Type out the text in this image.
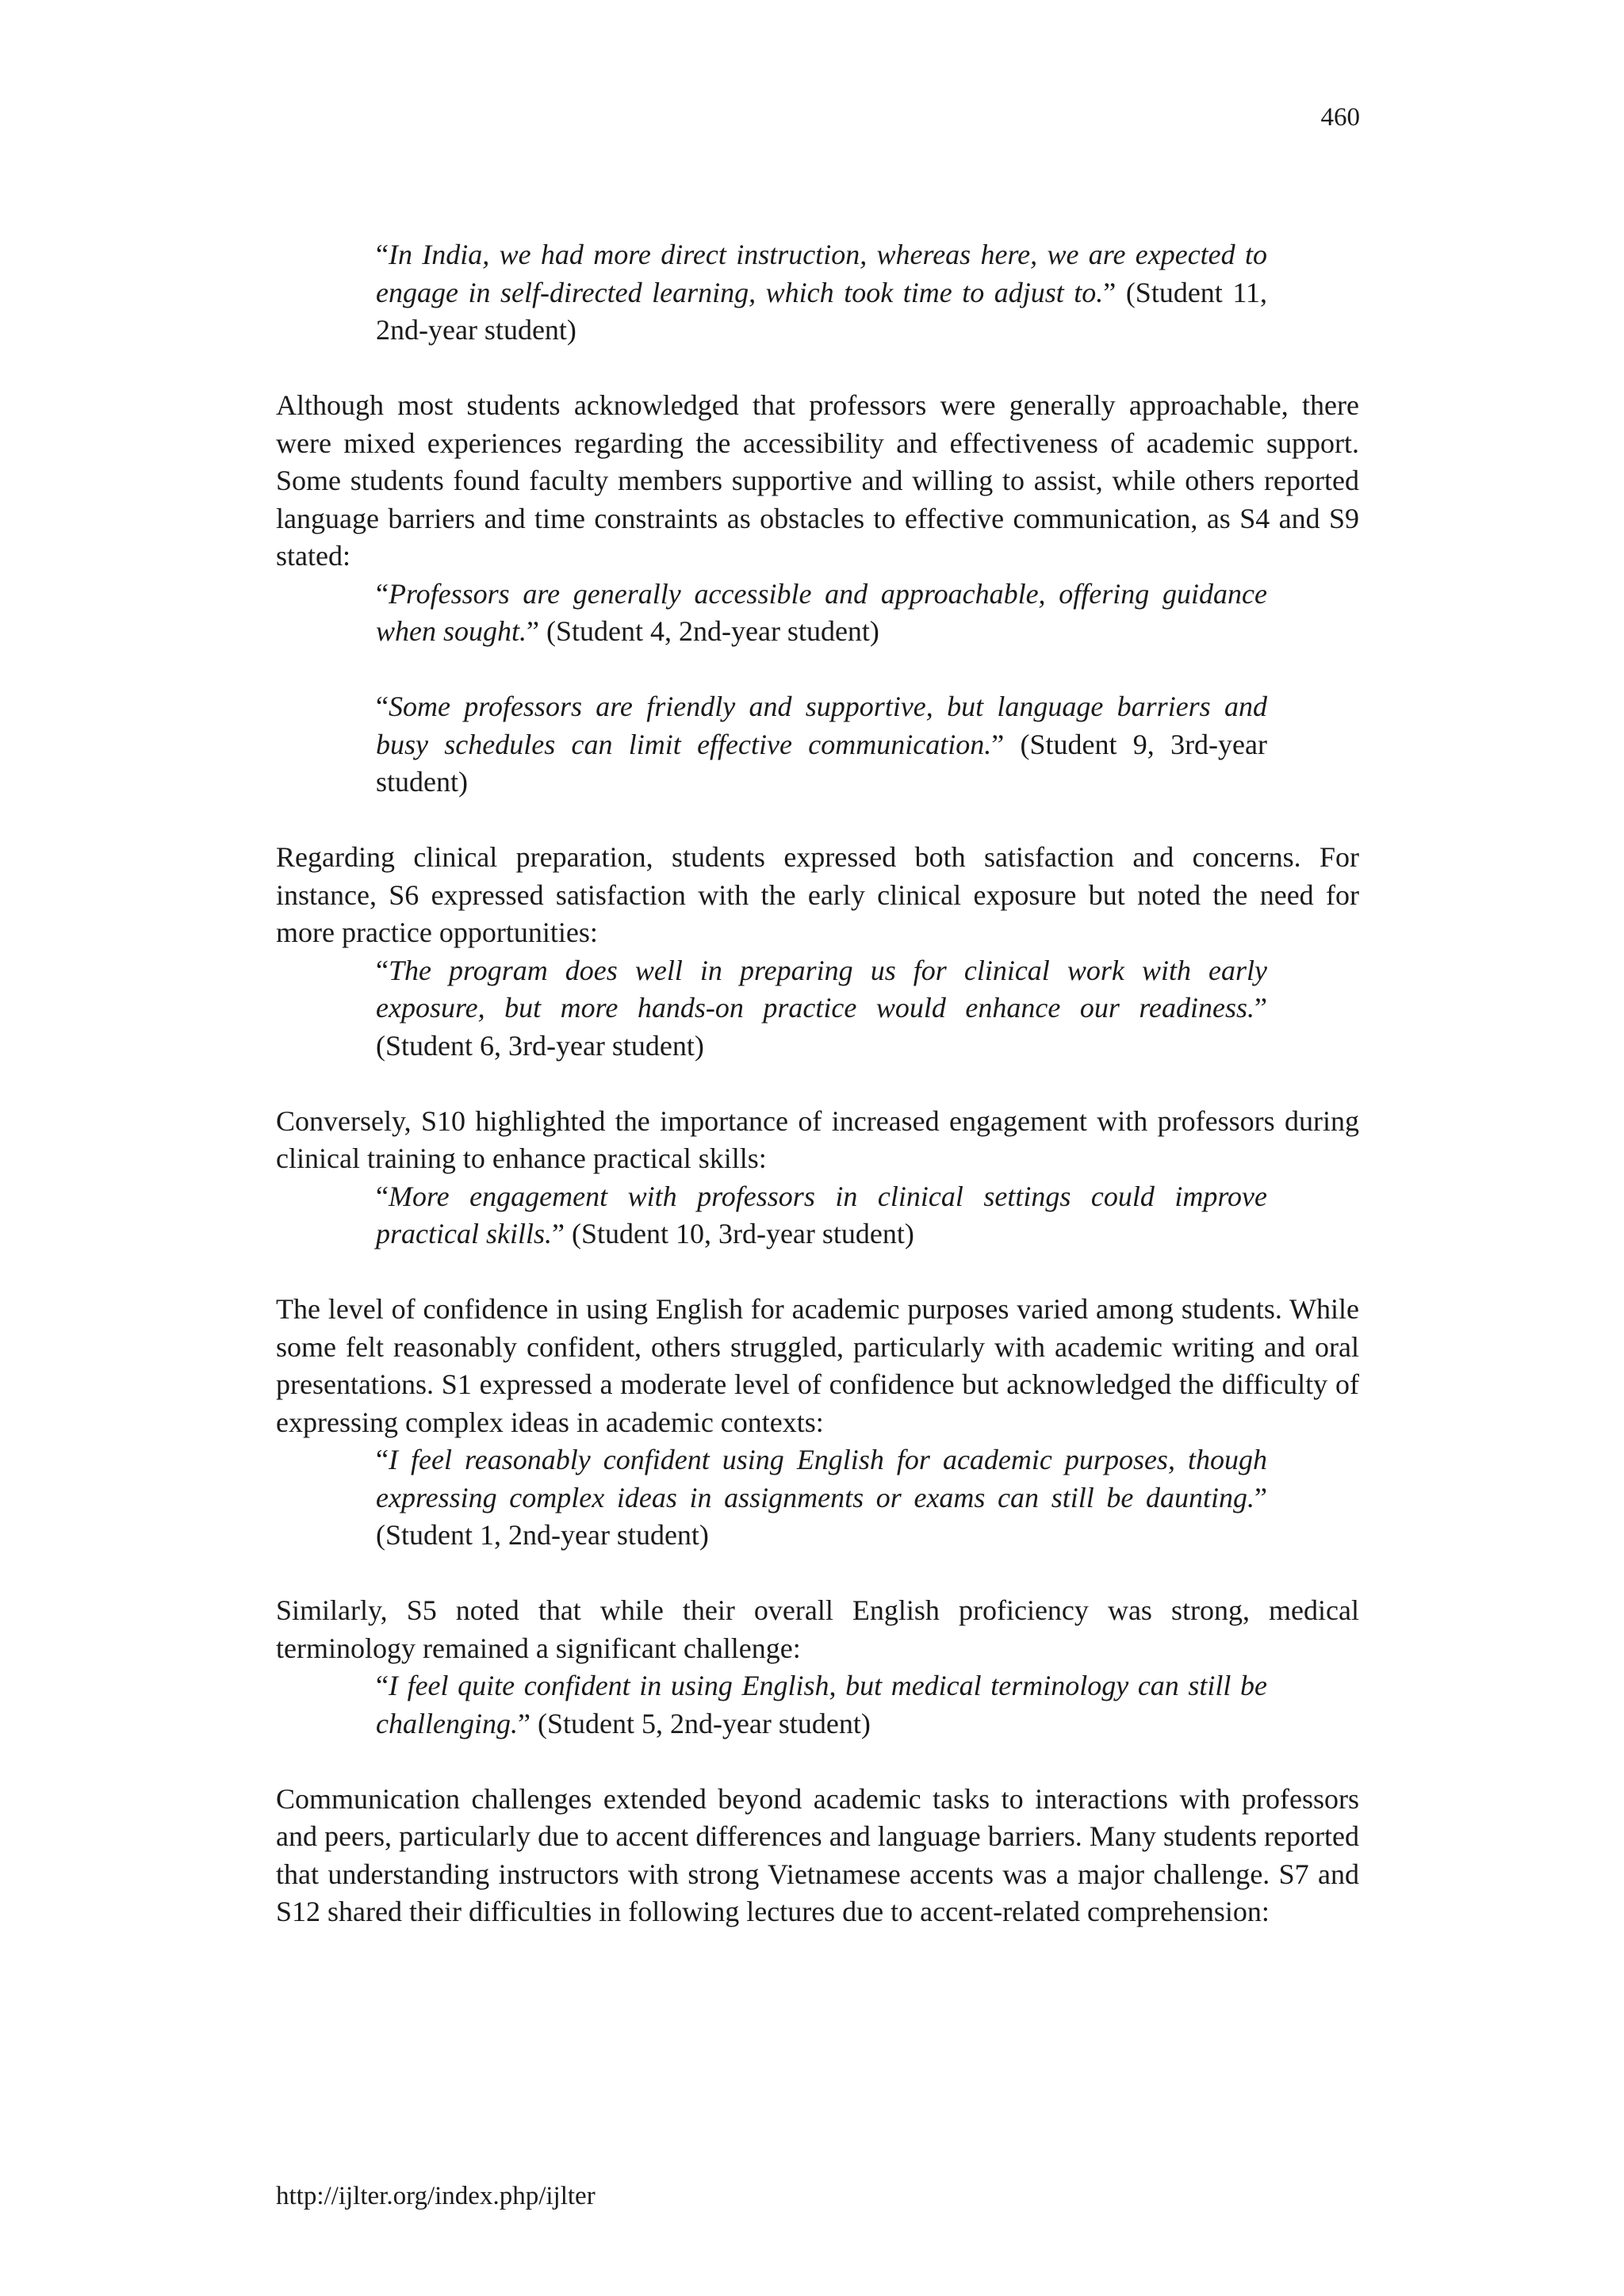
460
“In India, we had more direct instruction, whereas here, we are expected to engage in self-directed learning, which took time to adjust to.” (Student 11, 2nd-year student)

Although most students acknowledged that professors were generally approachable, there were mixed experiences regarding the accessibility and effectiveness of academic support. Some students found faculty members supportive and willing to assist, while others reported language barriers and time constraints as obstacles to effective communication, as S4 and S9 stated:

“Professors are generally accessible and approachable, offering guidance when sought.” (Student 4, 2nd-year student)
“Some professors are friendly and supportive, but language barriers and busy schedules can limit effective communication.” (Student 9, 3rd-year student)

Regarding clinical preparation, students expressed both satisfaction and concerns. For instance, S6 expressed satisfaction with the early clinical exposure but noted the need for more practice opportunities:

“The program does well in preparing us for clinical work with early exposure, but more hands-on practice would enhance our readiness.” (Student 6, 3rd-year student)

Conversely, S10 highlighted the importance of increased engagement with professors during clinical training to enhance practical skills:

“More engagement with professors in clinical settings could improve practical skills.” (Student 10, 3rd-year student)

The level of confidence in using English for academic purposes varied among students. While some felt reasonably confident, others struggled, particularly with academic writing and oral presentations. S1 expressed a moderate level of confidence but acknowledged the difficulty of expressing complex ideas in academic contexts:

“I feel reasonably confident using English for academic purposes, though expressing complex ideas in assignments or exams can still be daunting.” (Student 1, 2nd-year student)

Similarly, S5 noted that while their overall English proficiency was strong, medical terminology remained a significant challenge:

“I feel quite confident in using English, but medical terminology can still be challenging.” (Student 5, 2nd-year student)

Communication challenges extended beyond academic tasks to interactions with professors and peers, particularly due to accent differences and language barriers. Many students reported that understanding instructors with strong Vietnamese accents was a major challenge. S7 and S12 shared their difficulties in following lectures due to accent-related comprehension:

http://ijlter.org/index.php/ijlter
